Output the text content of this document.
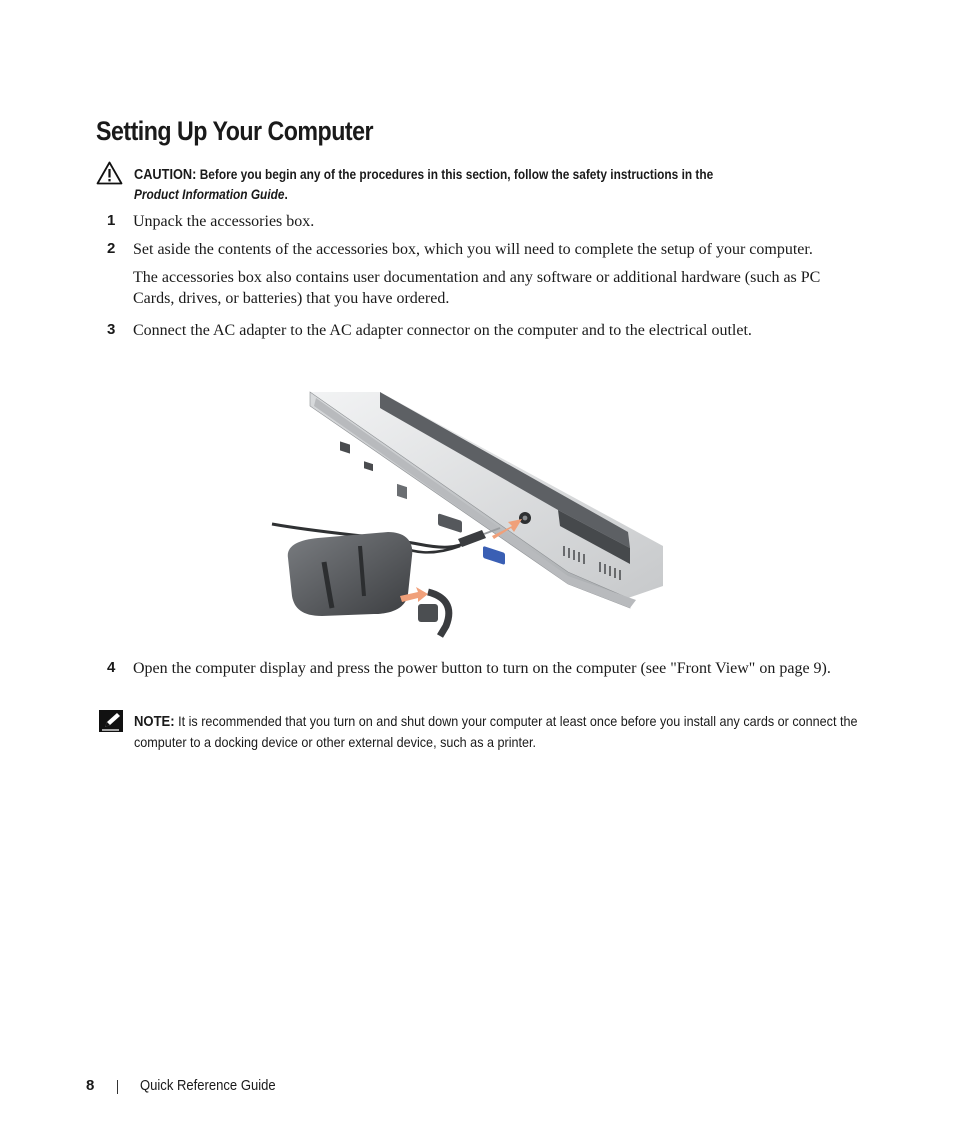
Setting Up Your Computer
CAUTION: Before you begin any of the procedures in this section, follow the safety instructions in the
Product Information Guide.
1 Unpack the accessories box.
2 Set aside the contents of the accessories box, which you will need to complete the setup of your computer.
The accessories box also contains user documentation and any software or additional hardware (such as PC Cards, drives, or batteries) that you have ordered.
3 Connect the AC adapter to the AC adapter connector on the computer and to the electrical outlet.
4 Open the computer display and press the power button to turn on the computer (see "Front View" on page 9).
NOTE: It is recommended that you turn on and shut down your computer at least once before you install any cards or connect the computer to a docking device or other external device, such as a printer.
8	Quick Reference Guide
